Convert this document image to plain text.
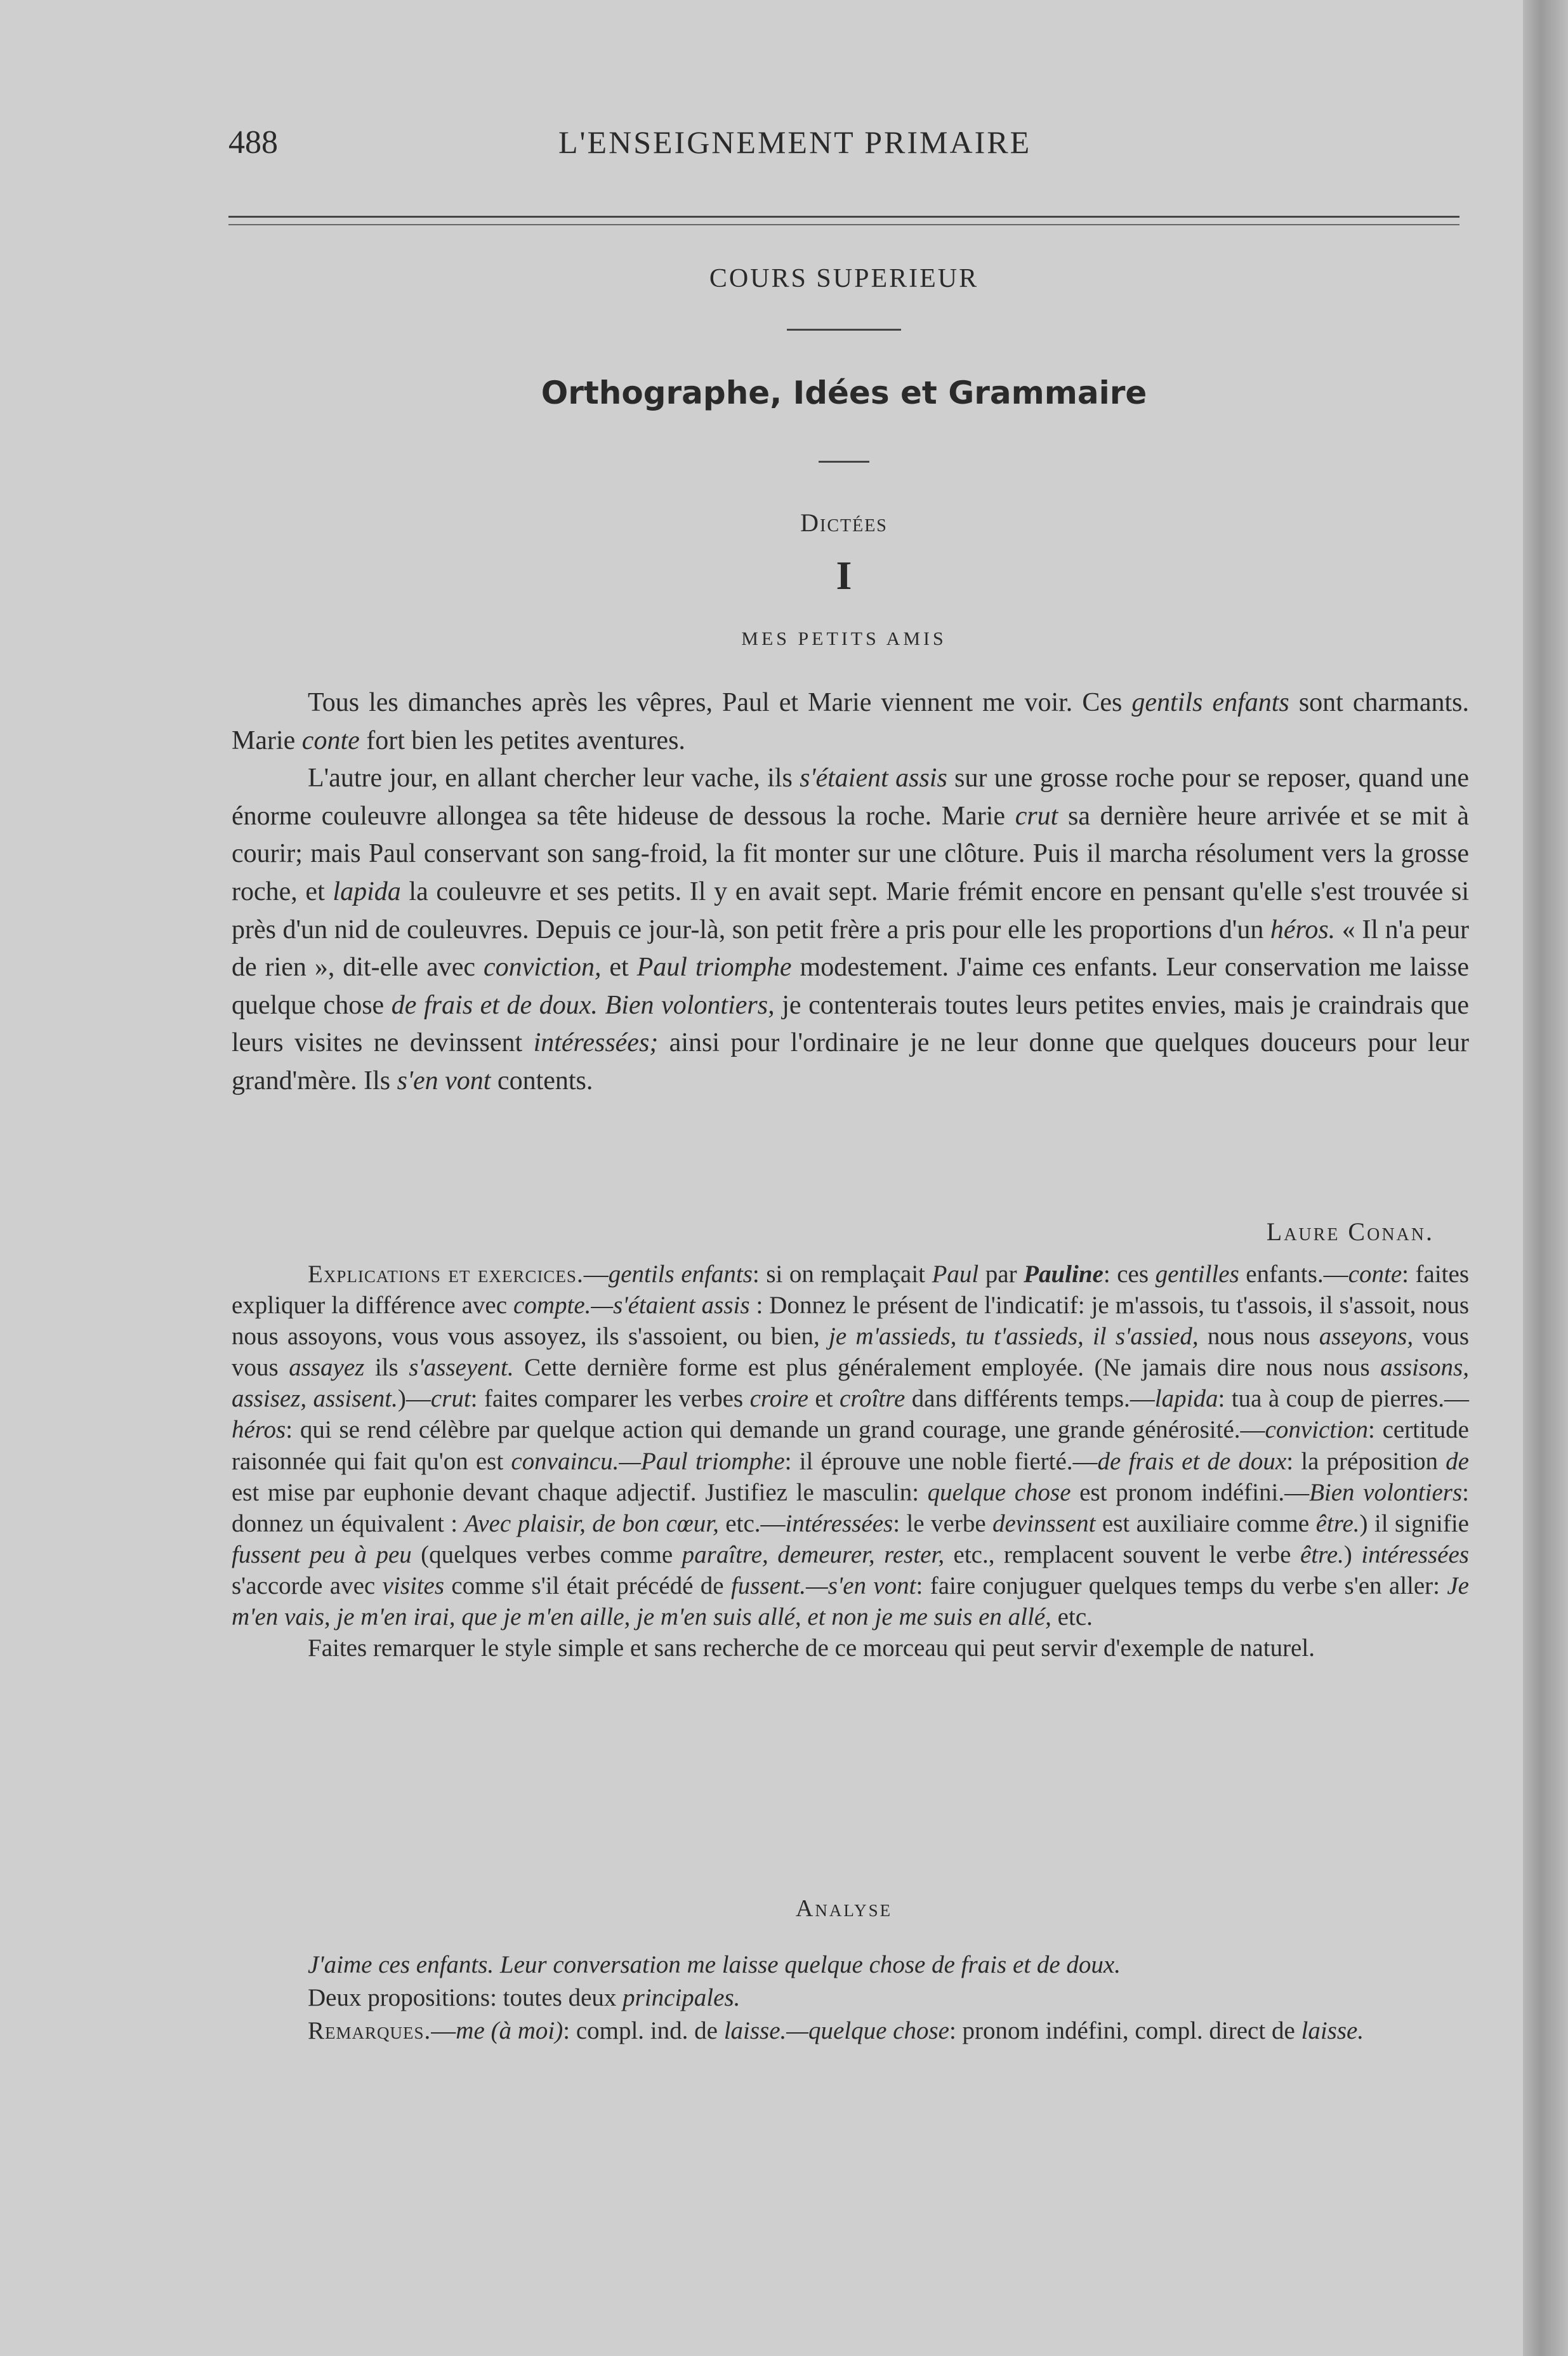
488	L'ENSEIGNEMENT PRIMAIRE
COURS SUPERIEUR
Orthographe, Idées et Grammaire
Dictées
I
MES PETITS AMIS

Tous les dimanches après les vêpres, Paul et Marie viennent me voir. Ces gentils enfants sont charmants. Marie conte fort bien les petites aventures.

L'autre jour, en allant chercher leur vache, ils s'étaient assis sur une grosse roche pour se reposer, quand une énorme couleuvre allongea sa tête hideuse de dessous la roche. Marie crut sa dernière heure arrivée et se mit à courir; mais Paul conservant son sang-froid, la fit monter sur une clôture. Puis il marcha résolument vers la grosse roche, et lapida la couleuvre et ses petits. Il y en avait sept. Marie frémit encore en pensant qu'elle s'est trouvée si près d'un nid de couleuvres. Depuis ce jour-là, son petit frère a pris pour elle les proportions d'un héros. « Il n'a peur de rien », dit-elle avec conviction, et Paul triomphe modestement. J'aime ces enfants. Leur conservation me laisse quelque chose de frais et de doux. Bien volontiers, je contenterais toutes leurs petites envies, mais je craindrais que leurs visites ne devinssent intéressées; ainsi pour l'ordinaire je ne leur donne que quelques douceurs pour leur grand'mère. Ils s'en vont contents.

Laure Conan.

Explications et exercices.—gentils enfants: si on remplaçait Paul par Pauline: ces gentilles enfants.—conte: faites expliquer la différence avec compte.—s'étaient assis : Donnez le présent de l'indicatif: je m'assois, tu t'assois, il s'assoit, nous nous assoyons, vous vous assoyez, ils s'assoient, ou bien, je m'assieds, tu t'assieds, il s'assied, nous nous asseyons, vous vous assayez ils s'asseyent. Cette dernière forme est plus généralement employée. (Ne jamais dire nous nous assisons, assisez, assisent.)—crut: faites comparer les verbes croire et croître dans différents temps.—lapida: tua à coup de pierres.—héros: qui se rend célèbre par quelque action qui demande un grand courage, une grande générosité.—conviction: certitude raisonnée qui fait qu'on est convaincu.—Paul triomphe: il éprouve une noble fierté.—de frais et de doux: la préposition de est mise par euphonie devant chaque adjectif. Justifiez le masculin: quelque chose est pronom indéfini.—Bien volontiers: donnez un équivalent : Avec plaisir, de bon cœur, etc.—intéressées: le verbe devinssent est auxiliaire comme être.) il signifie fussent peu à peu (quelques verbes comme paraître, demeurer, rester, etc., remplacent souvent le verbe être.) intéressées s'accorde avec visites comme s'il était précédé de fussent.—s'en vont: faire conjuguer quelques temps du verbe s'en aller: Je m'en vais, je m'en irai, que je m'en aille, je m'en suis allé, et non je me suis en allé, etc.

Faites remarquer le style simple et sans recherche de ce morceau qui peut servir d'exemple de naturel.

Analyse

J'aime ces enfants. Leur conversation me laisse quelque chose de frais et de doux.

Deux propositions: toutes deux principales.

Remarques.—me (à moi): compl. ind. de laisse.—quelque chose: pronom indéfini, compl. direct de laisse.
